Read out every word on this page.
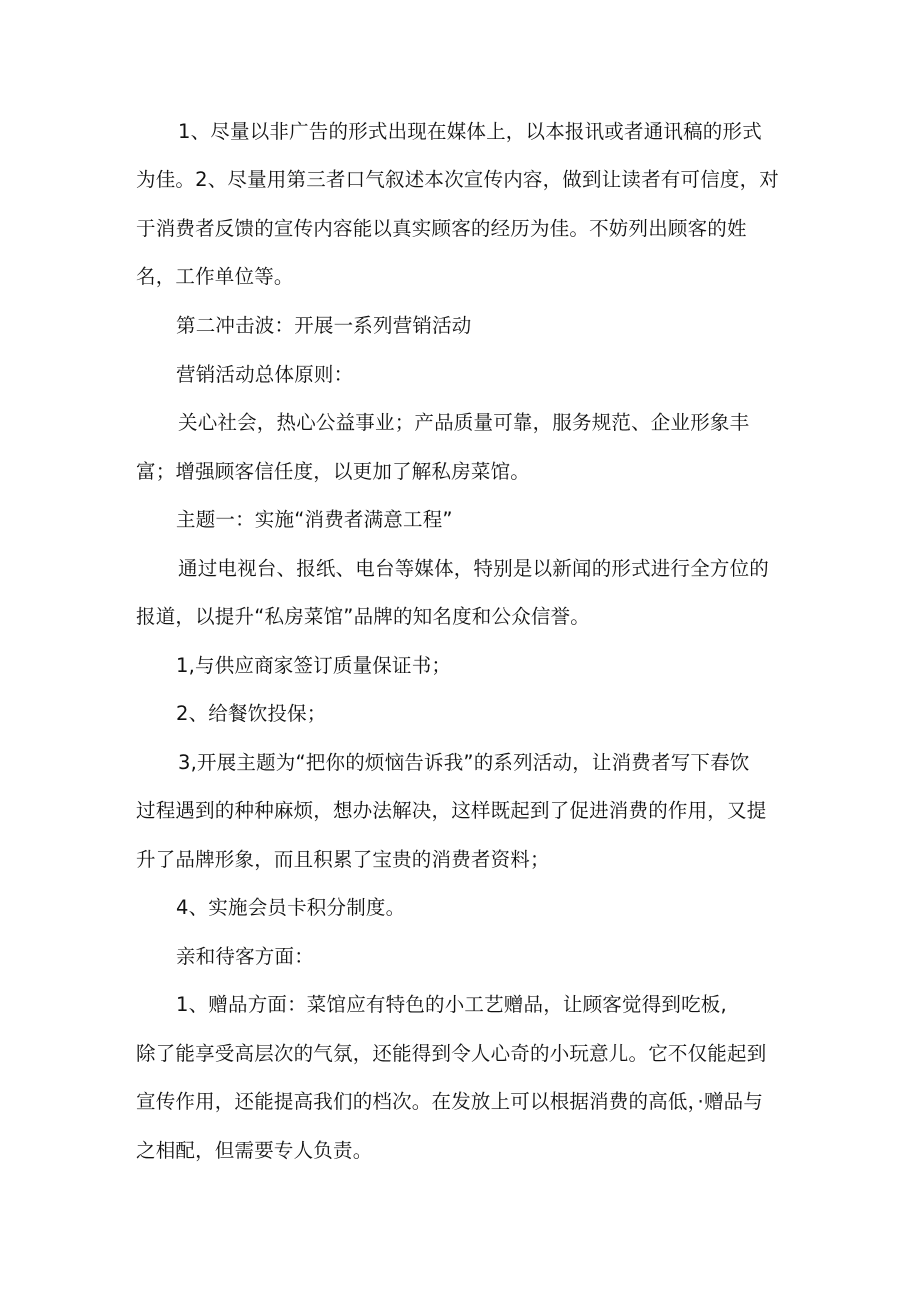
1、尽量以非广告的形式出现在媒体上，以本报讯或者通讯稿的形式
为佳。2、尽量用第三者口气叙述本次宣传内容，做到让读者有可信度，对
于消费者反馈的宣传内容能以真实顾客的经历为佳。不妨列出顾客的姓
名，工作单位等。
第二冲击波：开展一系列营销活动
营销活动总体原则：
关心社会，热心公益事业；产品质量可靠，服务规范、企业形象丰
富；增强顾客信任度，以更加了解私房菜馆。
主题一：实施“消费者满意工程”
通过电视台、报纸、电台等媒体，特别是以新闻的形式进行全方位的
报道，以提升“私房菜馆”品牌的知名度和公众信誉。
1,与供应商家签订质量保证书；
2、给餐饮投保；
3,开展主题为“把你的烦恼告诉我”的系列活动，让消费者写下春饮
过程遇到的种种麻烦，想办法解决，这样既起到了促进消费的作用，又提
升了品牌形象，而且积累了宝贵的消费者资料；
4、实施会员卡积分制度。
亲和待客方面：
1、赠品方面：菜馆应有特色的小工艺赠品，让顾客觉得到吃板,
除了能享受高层次的气氛，还能得到令人心奇的小玩意儿。它不仅能起到
宣传作用，还能提高我们的档次。在发放上可以根据消费的高低，·赠品与
之相配，但需要专人负责。
